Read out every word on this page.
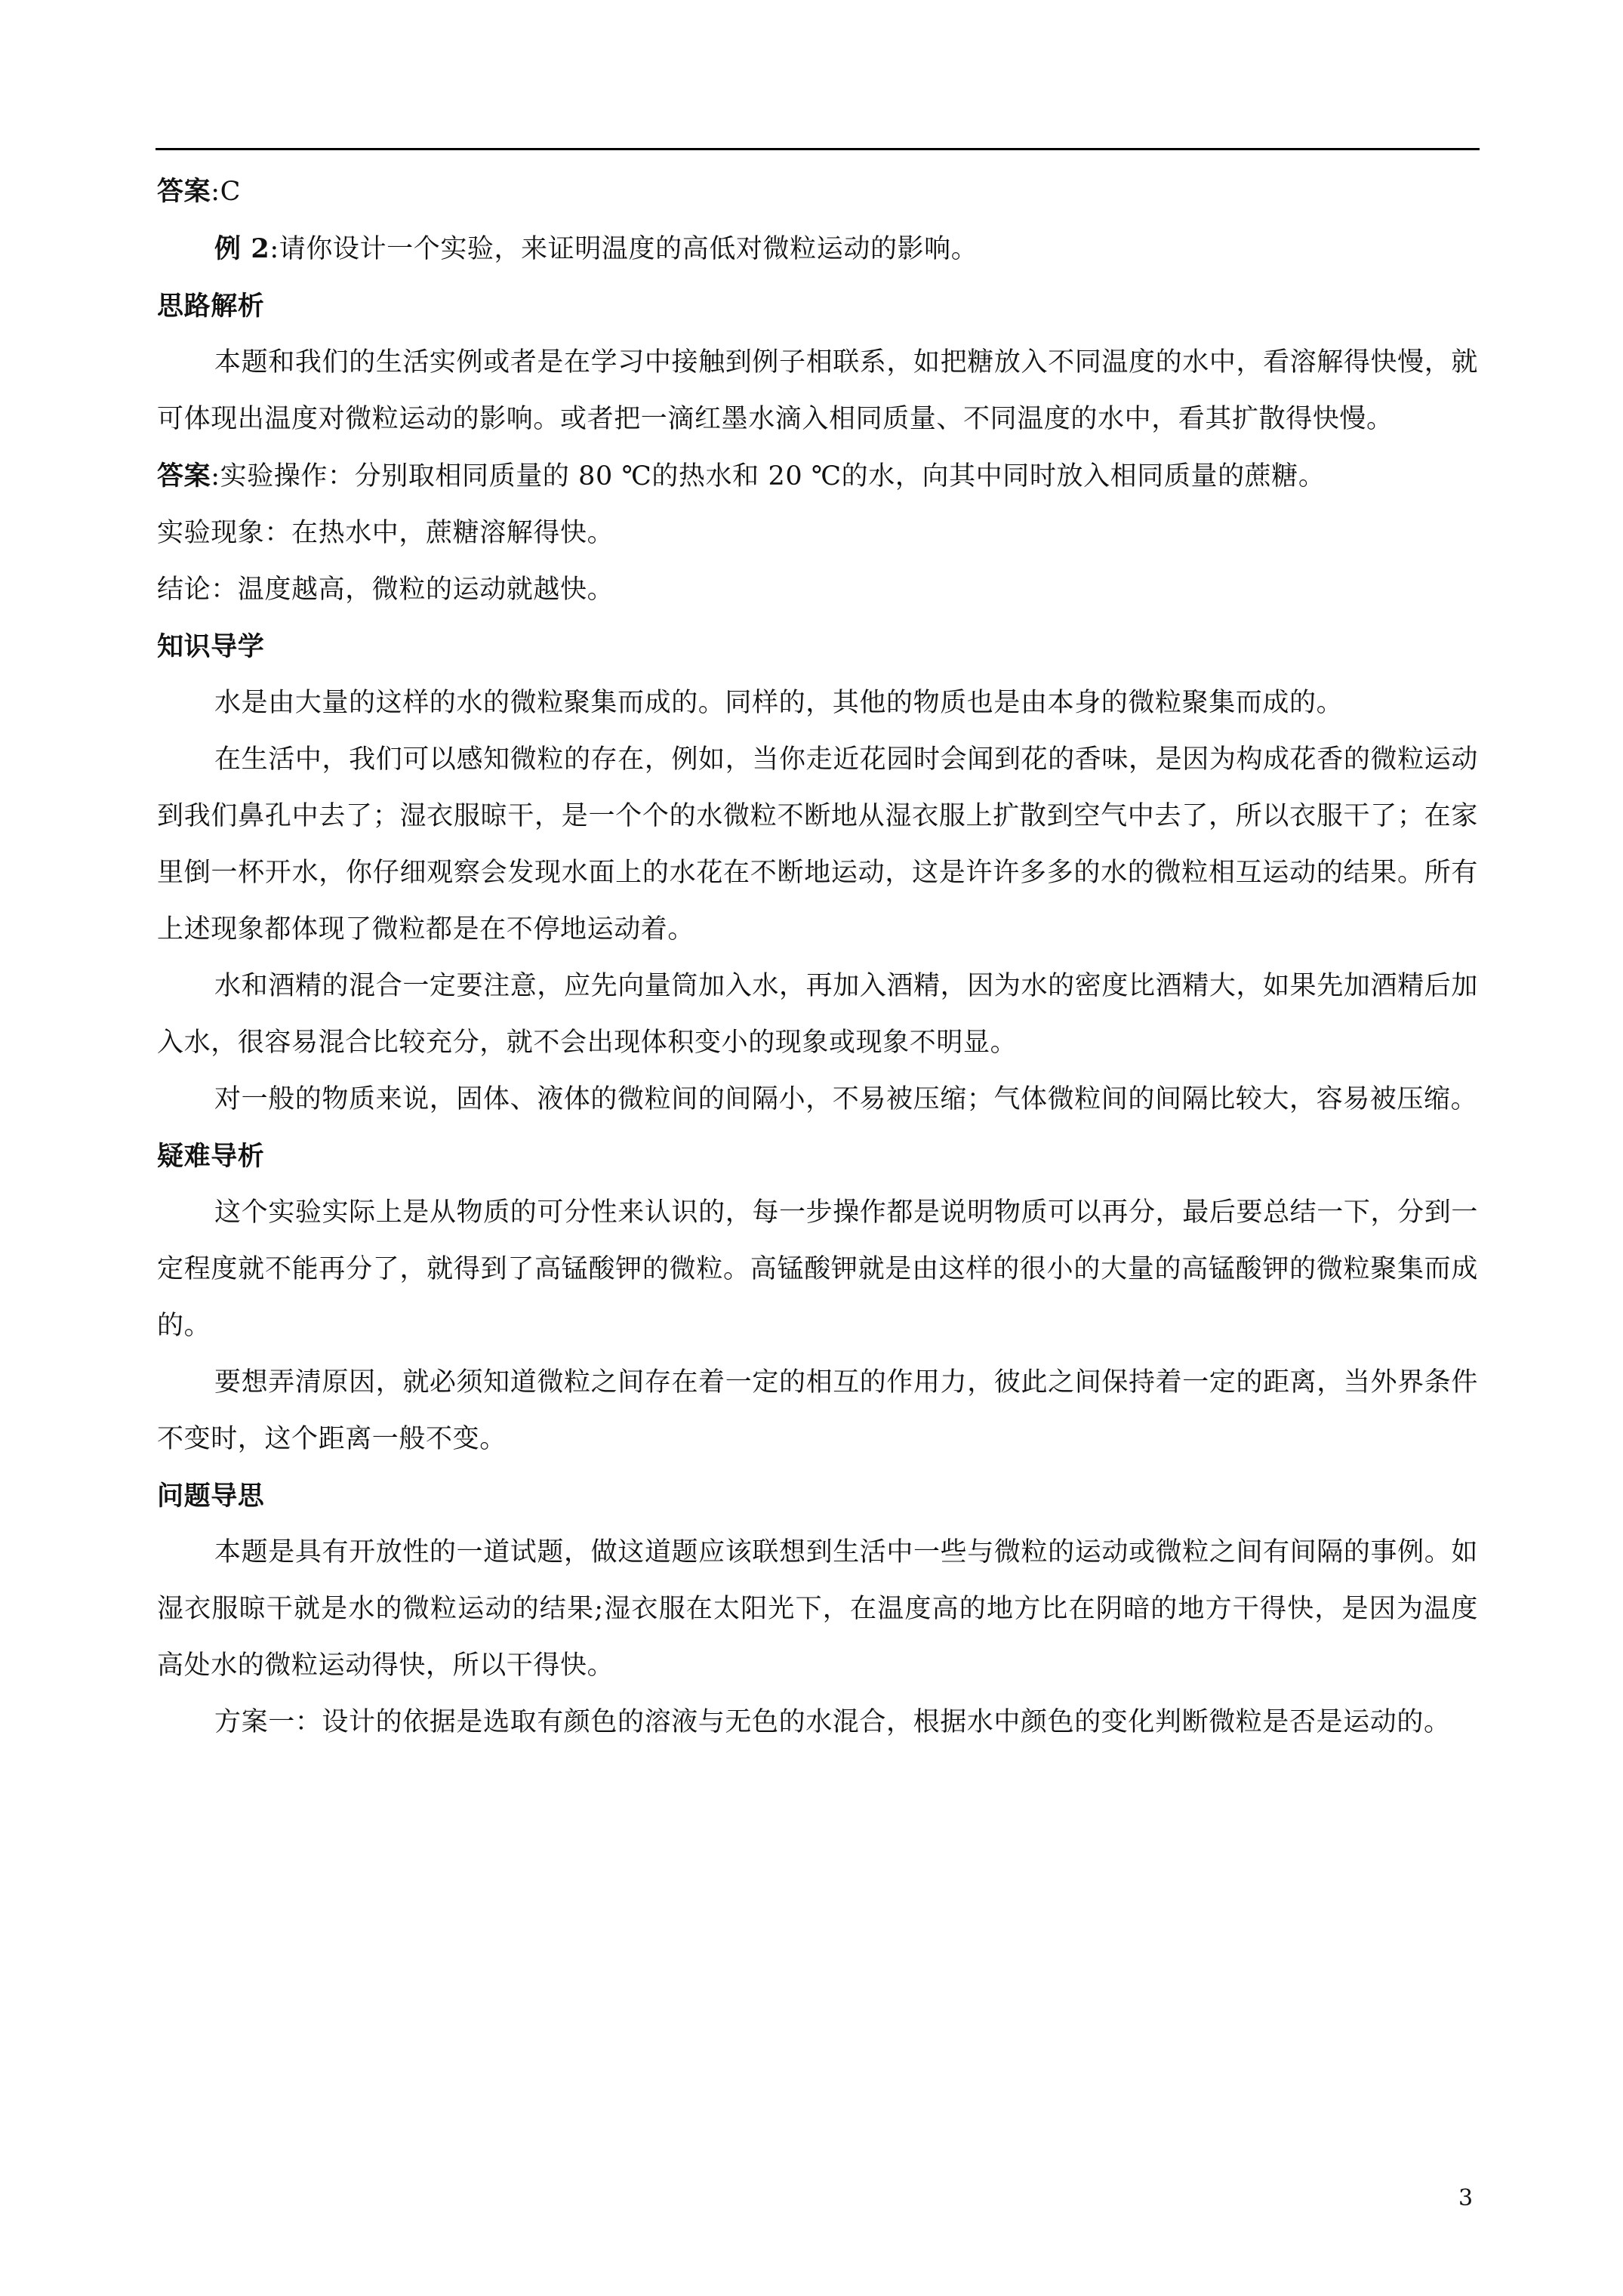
答案:C

例 2:请你设计一个实验，来证明温度的高低对微粒运动的影响。

思路解析

本题和我们的生活实例或者是在学习中接触到例子相联系，如把糖放入不同温度的水中，看溶解得快慢，就可体现出温度对微粒运动的影响。或者把一滴红墨水滴入相同质量、不同温度的水中，看其扩散得快慢。

答案:实验操作：分别取相同质量的 80 ℃的热水和 20 ℃的水，向其中同时放入相同质量的蔗糖。

实验现象：在热水中，蔗糖溶解得快。

结论：温度越高，微粒的运动就越快。

知识导学

水是由大量的这样的水的微粒聚集而成的。同样的，其他的物质也是由本身的微粒聚集而成的。

在生活中，我们可以感知微粒的存在，例如，当你走近花园时会闻到花的香味，是因为构成花香的微粒运动到我们鼻孔中去了；湿衣服晾干，是一个个的水微粒不断地从湿衣服上扩散到空气中去了，所以衣服干了；在家里倒一杯开水，你仔细观察会发现水面上的水花在不断地运动，这是许许多多的水的微粒相互运动的结果。所有上述现象都体现了微粒都是在不停地运动着。

水和酒精的混合一定要注意，应先向量筒加入水，再加入酒精，因为水的密度比酒精大，如果先加酒精后加入水，很容易混合比较充分，就不会出现体积变小的现象或现象不明显。

对一般的物质来说，固体、液体的微粒间的间隔小，不易被压缩；气体微粒间的间隔比较大，容易被压缩。

疑难导析

这个实验实际上是从物质的可分性来认识的，每一步操作都是说明物质可以再分，最后要总结一下，分到一定程度就不能再分了，就得到了高锰酸钾的微粒。高锰酸钾就是由这样的很小的大量的高锰酸钾的微粒聚集而成的。

要想弄清原因，就必须知道微粒之间存在着一定的相互的作用力，彼此之间保持着一定的距离，当外界条件不变时，这个距离一般不变。

问题导思

本题是具有开放性的一道试题，做这道题应该联想到生活中一些与微粒的运动或微粒之间有间隔的事例。如湿衣服晾干就是水的微粒运动的结果;湿衣服在太阳光下，在温度高的地方比在阴暗的地方干得快，是因为温度高处水的微粒运动得快，所以干得快。

方案一：设计的依据是选取有颜色的溶液与无色的水混合，根据水中颜色的变化判断微粒是否是运动的。

3
